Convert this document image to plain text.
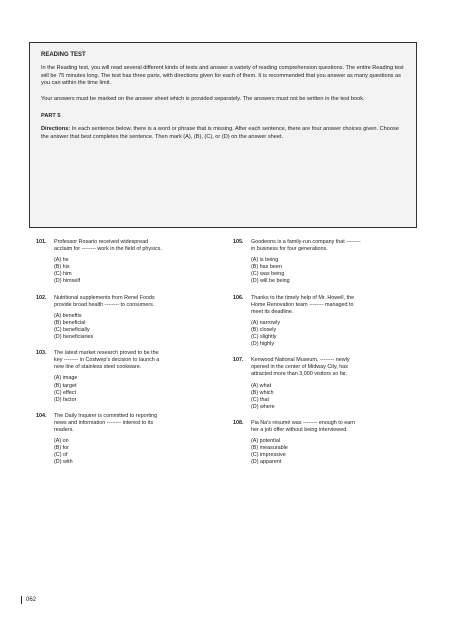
READING TEST

In the Reading test, you will read several different kinds of texts and answer a variety of reading comprehension questions. The entire Reading test will be 75 minutes long. The test has three parts, with directions given for each of them. It is recommended that you answer as many questions as you can within the time limit.

Your answers must be marked on the answer sheet which is provided separately. The answers must not be written in the test book.

PART 5

Directions: In each sentence below, there is a word or phrase that is missing. After each sentence, there are four answer choices given. Choose the answer that best completes the sentence. Then mark (A), (B), (C), or (D) on the answer sheet.

101. Professor Rosario received widespread acclaim for -------- work in the field of physics.

(A) he

(B) his

(C) him

(D) himself

102. Nutritional supplements from Renel Foods provide broad health -------- to consumers.

(A) benefits

(B) beneficial

(C) beneficially

(D) beneficiaries

103. The latest market research proved to be the key -------- in Costwep's decision to launch a new line of stainless steel cookware.

(A) image

(B) target

(C) effect

(D) factor

104. The Daily Inquirer is committed to reporting news and information -------- interest to its readers.

(A) on

(B) for

(C) of

(D) with

105. Goodeons is a family-run company that -------- in business for four generations.

(A) is being

(B) has been

(C) was being

(D) will be being

106. Thanks to the timely help of Mr. Howell, the Home Renovation team -------- managed to meet its deadline.

(A) narrowly

(B) closely

(C) slightly

(D) highly

107. Kenwood National Museum, -------- newly opened in the center of Midway City, has attracted more than 3,000 visitors so far.

(A) what

(B) which

(C) that

(D) where

108. Pia Na's résumé was -------- enough to earn her a job offer without being interviewed.

(A) potential

(B) measurable

(C) impressive

(D) apparent

062
